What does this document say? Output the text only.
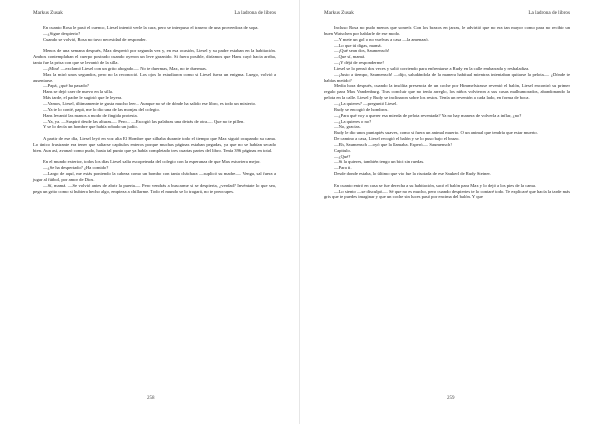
Markus Zusak	La ladrona de libros

En cuanto Rosa le pasó el cuenco, Liesel intentó verle la cara, pero se interpuso el trasero de una proveedora de sopa.

—¿Sigue despierto?

Cuando se volvió, Rosa no tuvo necesidad de responder.

Menos de una semana después, Max despertó por segunda vez y, en esa ocasión, Liesel y su padre estaban en la habitación. Ambos contemplaban el cuerpo postrado cuando oyeron un leve graznido. Si fuera posible, diríamos que Hans cayó hacia arriba, tanta fue la prisa con que se levantó de la silla.

—¡Mira! —exclamó Liesel con un grito ahogado—. No te duermas, Max, no te duermas.

Max la miró unos segundos, pero no la reconoció. Los ojos lo estudiaron como si Liesel fuera un enigma. Luego, volvió a ausentarse.

—Papá, ¿qué ha pasado?

Hans se dejó caer de nuevo en la silla.

Más tarde, el padre le sugirió que le leyera.

—Vamos, Liesel, últimamente te gusta mucho leer... Aunque no sé de dónde ha salido ese libro, es todo un misterio.

—Ya te lo conté, papá, me lo dio una de las monjas del colegio.

Hans levantó las manos a modo de fingida protesta.

—Ya, ya. —Suspiró desde las alturas—. Pero... —Escogió las palabras una detrás de otra—. Que no te pillen.

Y se lo decía un hombre que había robado un judío.

A partir de ese día, Liesel leyó en voz alta El Hombre que silbaba durante todo el tiempo que Max siguió ocupando su cama. Lo único frustrante era tener que saltarse capítulos enteros porque muchas páginas estaban pegadas, ya que no se habían secado bien. Aun así, avanzó como pudo, hasta tal punto que ya había completado tres cuartas partes del libro. Tenía 396 páginas en total.

En el mundo exterior, todos los días Liesel salía escopeteada del colegio con la esperanza de que Max estuviera mejor.

—¿Se ha despertado? ¿Ha comido?

—Largo de aquí, me estás poniendo la cabeza como un bombo con tanta cháchara —suplicó su madre—. Venga, sal fuera a jugar al fútbol, por amor de Dios.

—Sí, mamá. —Se volvió antes de abrir la puerta—. Pero vendrás a buscarme si se despierta, ¿verdad? Invéntate lo que sea, pega un grito como si hubiera hecho algo, empieza a chillarme. Todo el mundo se lo tragará, no te preocupes.

258
Markus Zusak	La ladrona de libros

Incluso Rosa no pudo menos que sonreír. Con los brazos en jarras, le advirtió que no era tan mayor como para no recibir un buen Watschen por hablarle de ese modo.

—Y mete un gol o no vuelvas a casa —la amenazó.

—Lo que tú digas, mamá.

—¡Qué sean dos, Saumensch!

—Que sí, mamá.

—¡Y déjá de responderme!

Liesel se lo pensó dos veces y salió corriendo para enfrentarse a Rudy en la calle embarrada y resbaladiza.

—¡Justo a tiempo, Saumensch! —dijo, saludándola de la manera habitual mientras intentaban quitarse la pelota—. ¿Dónde te habías metido?

Media hora después, cuando la insólita presencia de un coche por Himmelstrasse reventó el balón, Liesel encontró su primer regalo para Max Vandenburg. Tras concluir que no tenía arreglo, los niños volvieron a sus casas malhumorados, abandonando la pelota en la calle. Liesel y Rudy se inclinaron sobre los restos. Tenía un reventón a cada lado, en forma de boca.

—¿La quieres? —preguntó Liesel.

Rudy se encogió de hombros.

—¿Para qué voy a querer esa mierda de pelota reventada? Ya no hay manera de volverla a inflar, ¿no?

—¿La quieres o no?

—No, gracias.

Rudy le dio unos puntapiés suaves, como si fuera un animal muerto. O un animal que tendría que estar muerto.

De camino a casa, Liesel recogió el balón y se lo puso bajo el brazo.

—Eh, Saumensch —oyó que la llamaba. Esperó—. Saumensch!

Capitulo.

—¿Qué?

—Si la quieres, también tengo un bici sin ruedas.

—Para ti.

Desde donde estaba, lo último que vio fue la risotada de ese Saukerl de Rudy Steiner.

En cuanto entró en casa se fue derecha a su habitación, sacó el balón para Max y lo dejó a los pies de la cama.

—Lo siento —se disculpó—. Sé que no es mucho, pero cuando despiertes te lo contaré todo. Te explicaré que hacía la tarde más gris que te puedes imaginar y que un coche sin luces pasó por encima del balón. Y que

259
